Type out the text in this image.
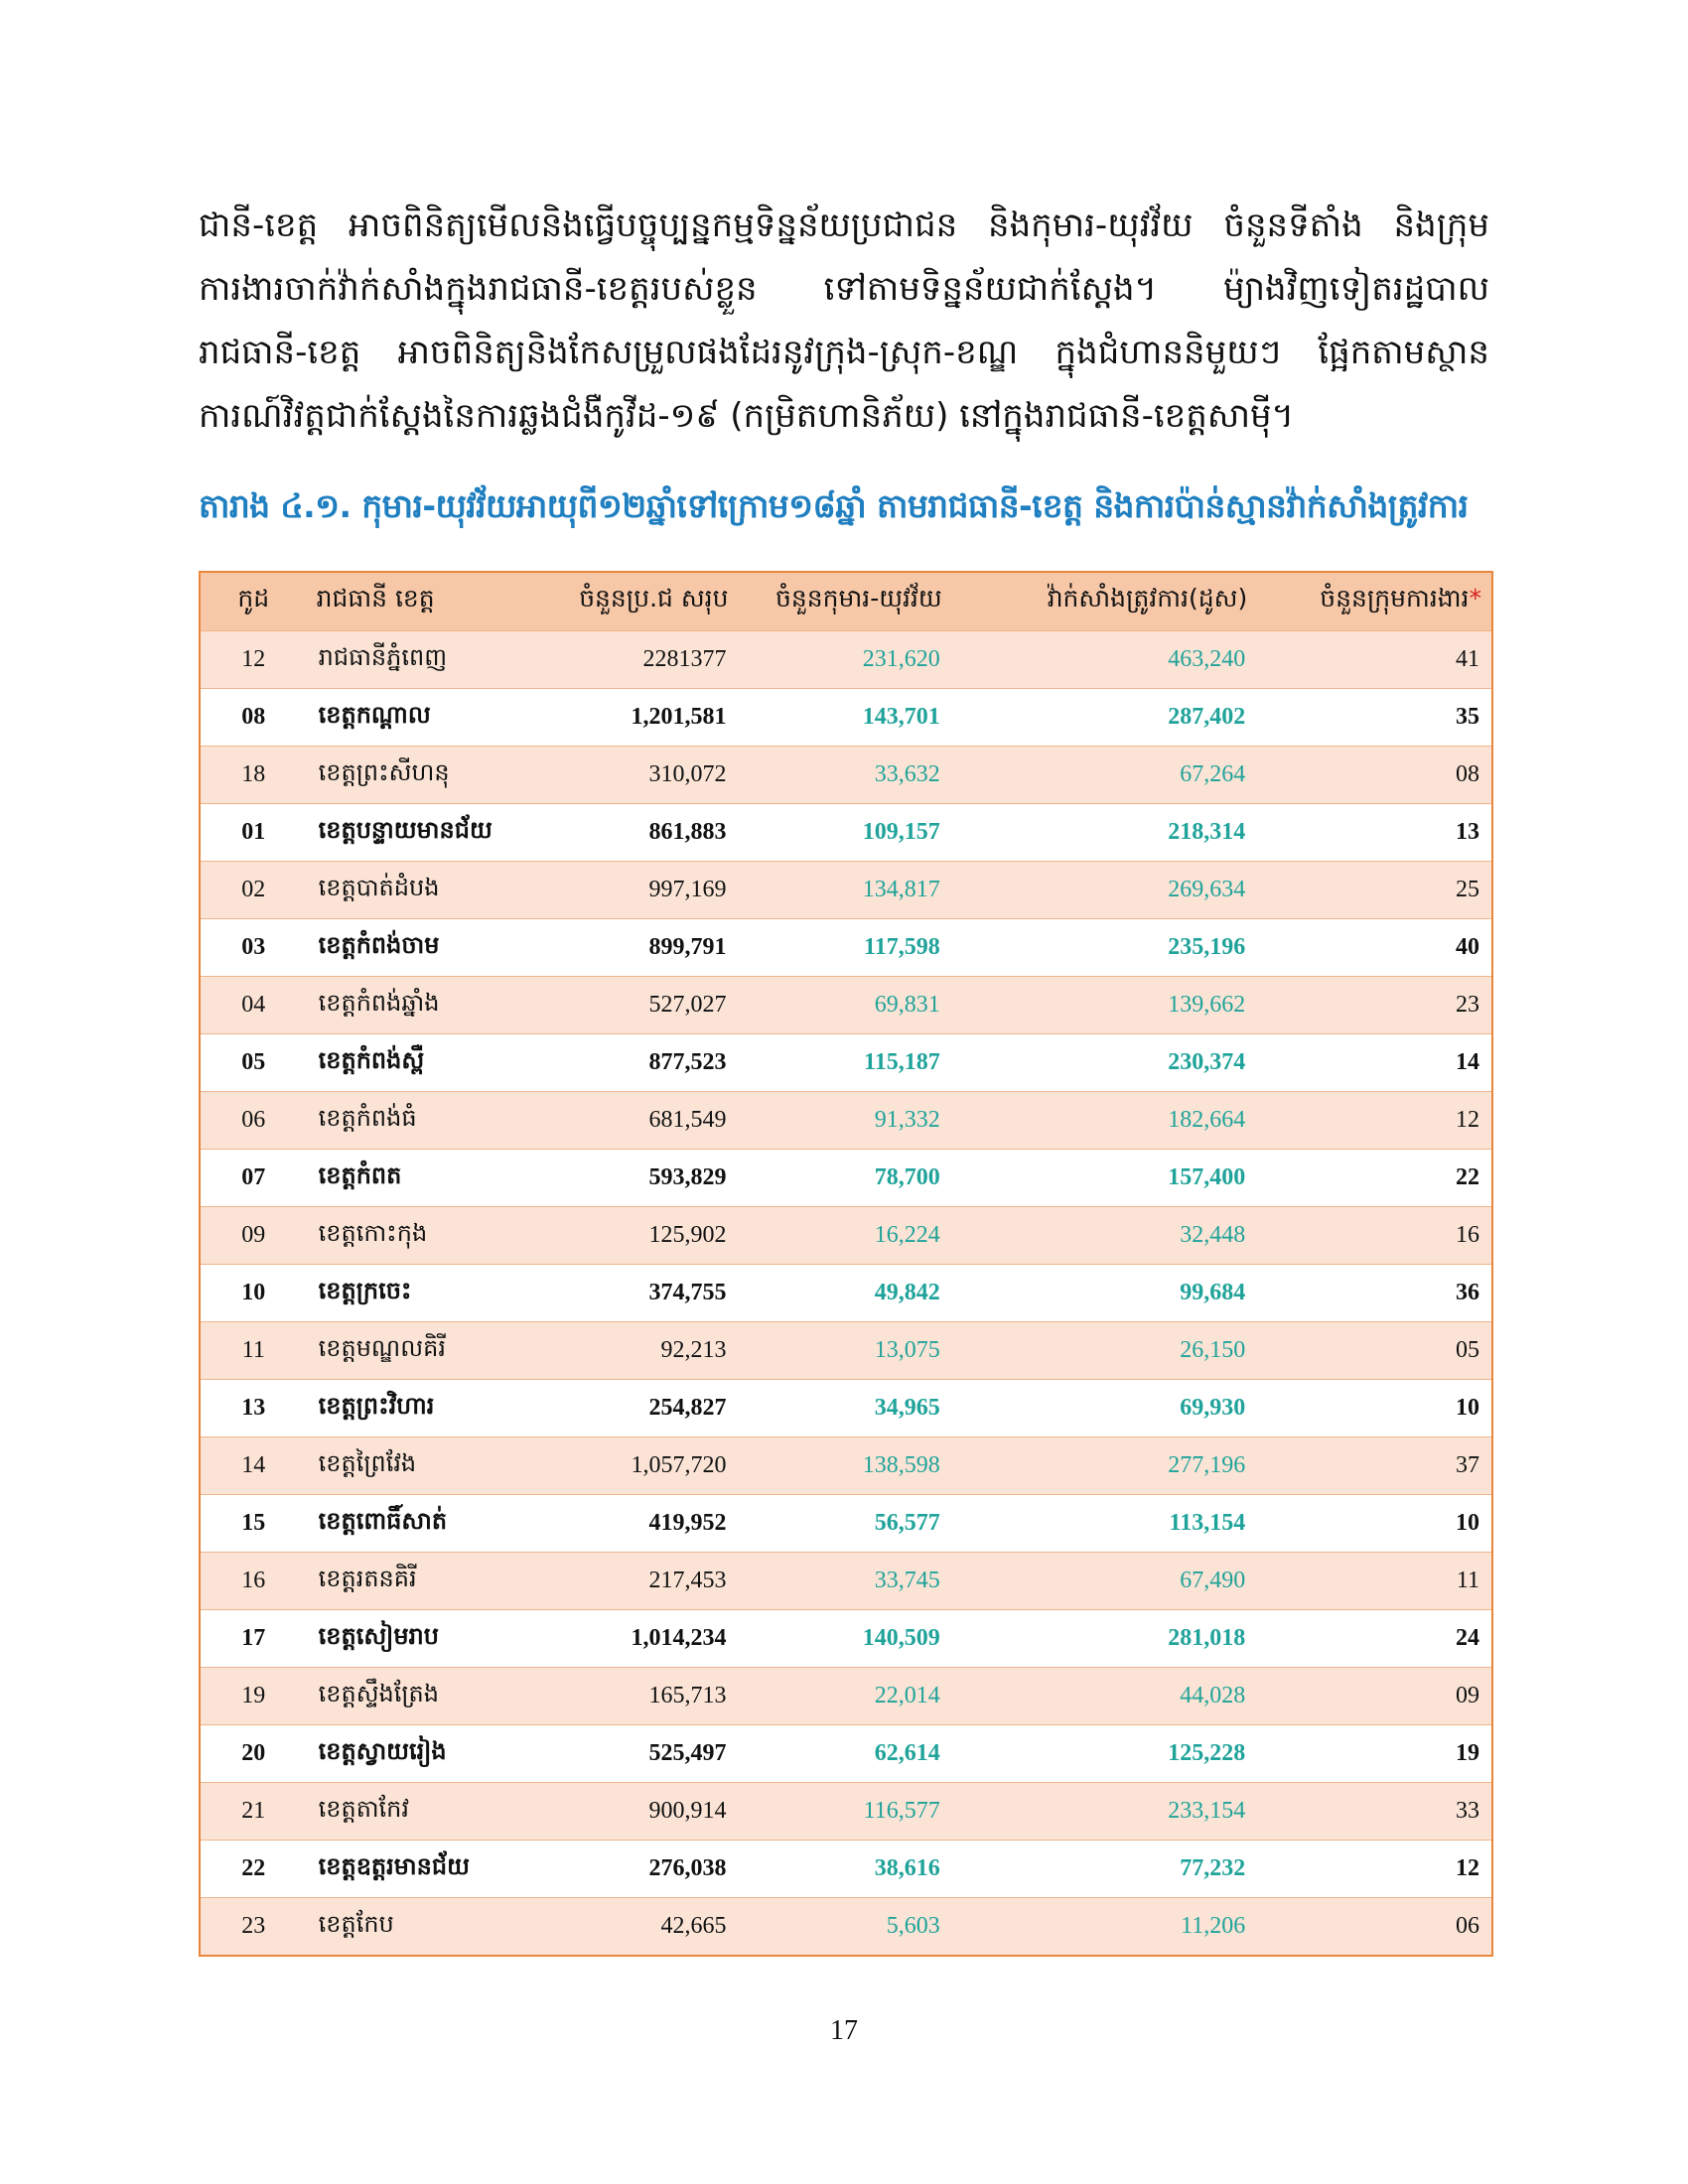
ជានី-ខេត្ត អាចពិនិត្យមើលនិងធ្វើបច្ចុប្បន្នកម្មទិន្នន័យប្រជាជន និងកុមារ-យុវវ័យ ចំនួនទីតាំង និងក្រុម
ការងារចាក់វ៉ាក់សាំងក្នុងរាជធានី-ខេត្តរបស់ខ្លួន ទៅតាមទិន្នន័យជាក់ស្តែង។ ម៉្យាងវិញទៀតរដ្ឋបាល
រាជធានី-ខេត្ត អាចពិនិត្យនិងកែសម្រួលផងដែរនូវក្រុង-ស្រុក-ខណ្ឌ ក្នុងជំហាននិមួយៗ ផ្អែកតាមស្ថាន
ការណ៍វិវត្តជាក់ស្តែងនៃការឆ្លងជំងឺកូវីដ-១៩ (កម្រិតហានិភ័យ) នៅក្នុងរាជធានី-ខេត្តសាម៉ី។
តារាង ៤.១. កុមារ-យុវវ័យអាយុពី១២ឆ្នាំទៅក្រោម១៨ឆ្នាំ តាមរាជធានី-ខេត្ត និងការប៉ាន់ស្មានវ៉ាក់សាំងត្រូវការ
កូដ	រាជធានី ខេត្ត	ចំនួនប្រ.ជ សរុប	ចំនួនកុមារ-យុវវ័យ	វ៉ាក់សាំងត្រូវការ(ដូស)	ចំនួនក្រុមការងារ*
12	រាជធានីភ្នំពេញ	2281377	231,620	463,240	41
08	ខេត្តកណ្តាល	1,201,581	143,701	287,402	35
18	ខេត្តព្រះសីហនុ	310,072	33,632	67,264	08
01	ខេត្តបន្ទាយមានជ័យ	861,883	109,157	218,314	13
02	ខេត្តបាត់ដំបង	997,169	134,817	269,634	25
03	ខេត្តកំពង់ចាម	899,791	117,598	235,196	40
04	ខេត្តកំពង់ឆ្នាំង	527,027	69,831	139,662	23
05	ខេត្តកំពង់ស្ពឺ	877,523	115,187	230,374	14
06	ខេត្តកំពង់ធំ	681,549	91,332	182,664	12
07	ខេត្តកំពត	593,829	78,700	157,400	22
09	ខេត្តកោះកុង	125,902	16,224	32,448	16
10	ខេត្តក្រចេះ	374,755	49,842	99,684	36
11	ខេត្តមណ្ឌលគិរី	92,213	13,075	26,150	05
13	ខេត្តព្រះវិហារ	254,827	34,965	69,930	10
14	ខេត្តព្រៃវែង	1,057,720	138,598	277,196	37
15	ខេត្តពោធិ៍សាត់	419,952	56,577	113,154	10
16	ខេត្តរតនគិរី	217,453	33,745	67,490	11
17	ខេត្តសៀមរាប	1,014,234	140,509	281,018	24
19	ខេត្តស្ទឹងត្រែង	165,713	22,014	44,028	09
20	ខេត្តស្វាយរៀង	525,497	62,614	125,228	19
21	ខេត្តតាកែវ	900,914	116,577	233,154	33
22	ខេត្តឧត្តរមានជ័យ	276,038	38,616	77,232	12
23	ខេត្តកែប	42,665	5,603	11,206	06
17
